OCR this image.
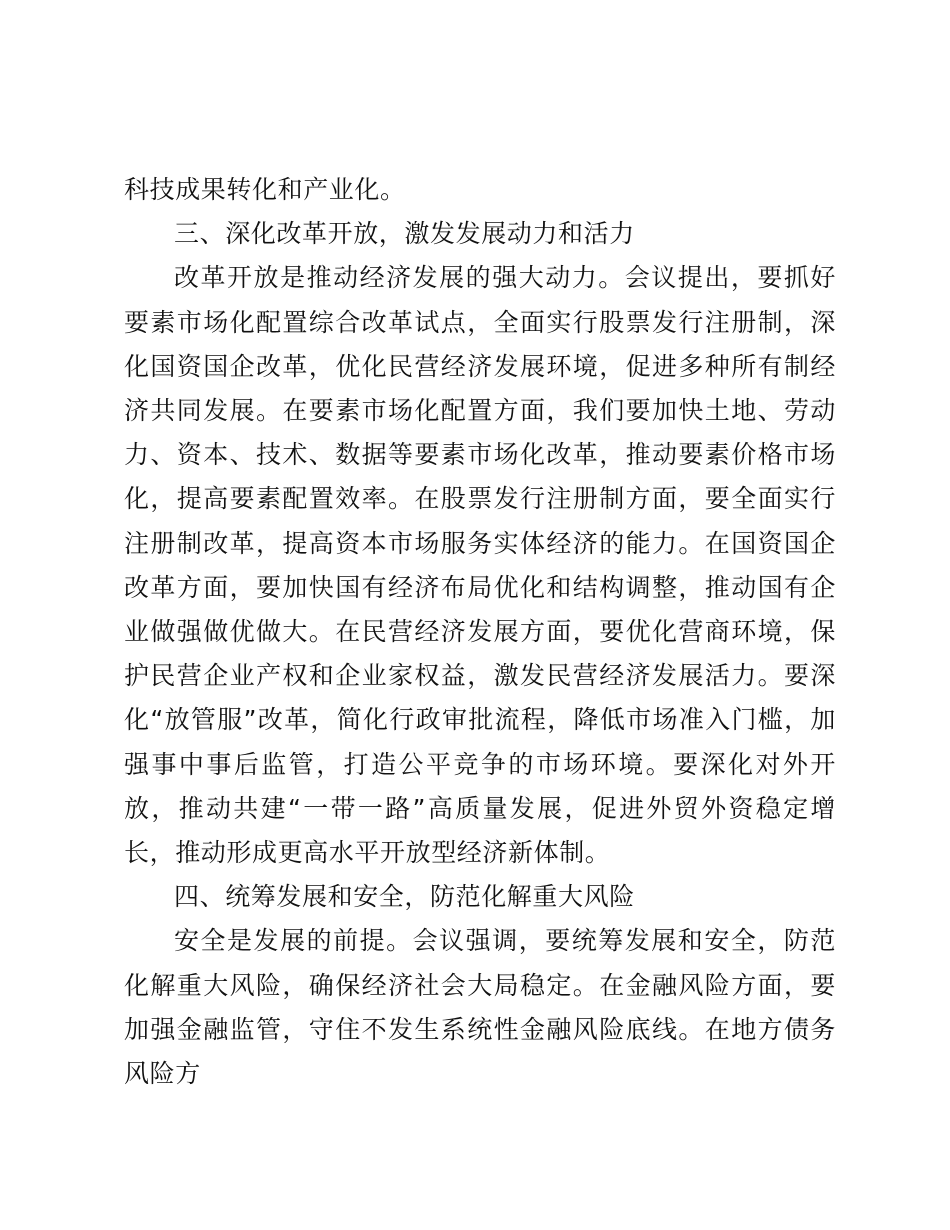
科技成果转化和产业化。

三、深化改革开放，激发发展动力和活力

改革开放是推动经济发展的强大动力。会议提出，要抓好要素市场化配置综合改革试点，全面实行股票发行注册制，深化国资国企改革，优化民营经济发展环境，促进多种所有制经济共同发展。在要素市场化配置方面，我们要加快土地、劳动力、资本、技术、数据等要素市场化改革，推动要素价格市场化，提高要素配置效率。在股票发行注册制方面，要全面实行注册制改革，提高资本市场服务实体经济的能力。在国资国企改革方面，要加快国有经济布局优化和结构调整，推动国有企业做强做优做大。在民营经济发展方面，要优化营商环境，保护民营企业产权和企业家权益，激发民营经济发展活力。要深化“放管服”改革，简化行政审批流程，降低市场准入门槛，加强事中事后监管，打造公平竞争的市场环境。要深化对外开放，推动共建“一带一路”高质量发展，促进外贸外资稳定增长，推动形成更高水平开放型经济新体制。

四、统筹发展和安全，防范化解重大风险

安全是发展的前提。会议强调，要统筹发展和安全，防范化解重大风险，确保经济社会大局稳定。在金融风险方面，要加强金融监管，守住不发生系统性金融风险底线。在地方债务风险方
